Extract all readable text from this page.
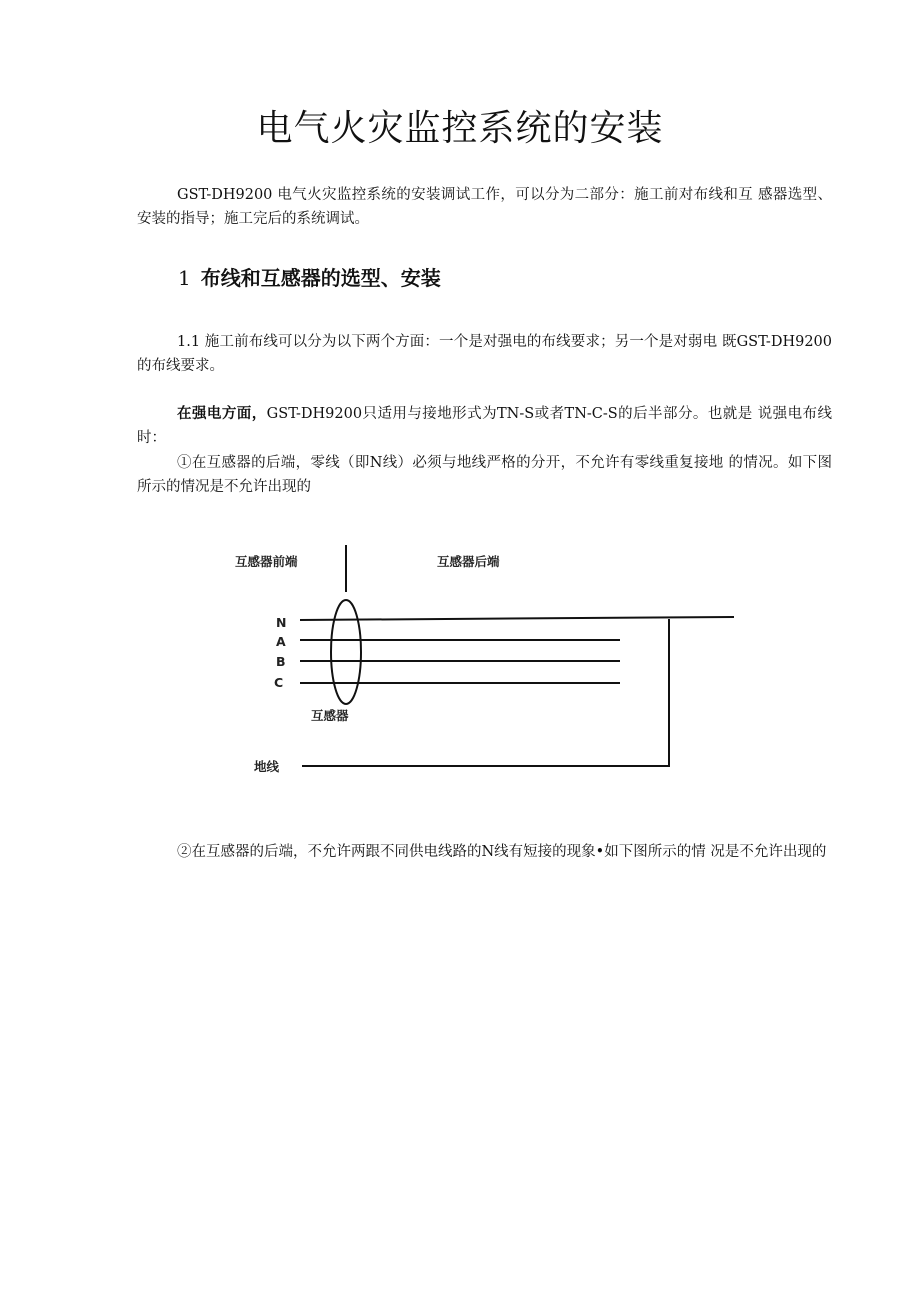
电气火灾监控系统的安装

GST-DH9200 电气火灾监控系统的安装调试工作，可以分为二部分：施工前对布线和互 感器选型、安装的指导；施工完后的系统调试。

1 布线和互感器的选型、安装

1.1 施工前布线可以分为以下两个方面：一个是对强电的布线要求；另一个是对弱电 既GST-DH9200 的布线要求。

在强电方面，GST-DH9200只适用与接地形式为TN-S或者TN-C-S的后半部分。也就是 说强电布线时：

①在互感器的后端，零线（即N线）必须与地线严格的分开，不允许有零线重复接地 的情况。如下图所示的情况是不允许出现的

互感器前端	互感器后端
N
A
B
C
互感器
地线

②在互感器的后端，不允许两跟不同供电线路的N线有短接的现象•如下图所示的情 况是不允许出现的
